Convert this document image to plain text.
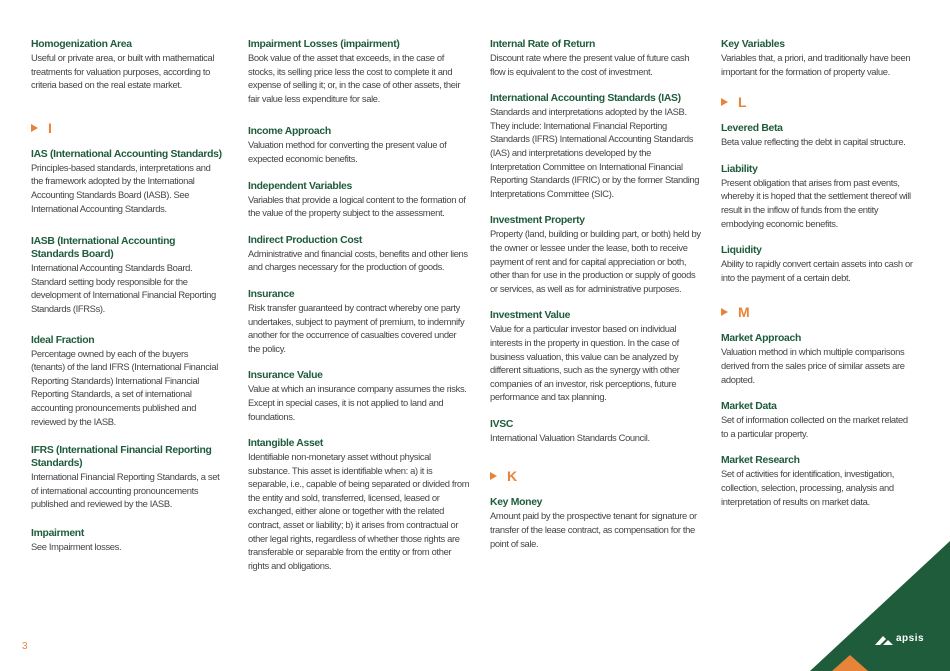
Homogenization Area
Useful or private area, or built with mathematical treatments for valuation purposes, according to criteria based on the real estate market.
I
IAS (International Accounting Standards)
Principles-based standards, interpretations and the framework adopted by the International Accounting Standards Board (IASB). See International Accounting Standards.
IASB (International Accounting Standards Board)
International Accounting Standards Board. Standard setting body responsible for the development of International Financial Reporting Standards (IFRSs).
Ideal Fraction
Percentage owned by each of the buyers (tenants) of the land IFRS (International Financial Reporting Standards) International Financial Reporting Standards, a set of international accounting pronouncements published and reviewed by the IASB.
IFRS (International Financial Reporting Standards)
International Financial Reporting Standards, a set of international accounting pronouncements published and reviewed by the IASB.
Impairment
See Impairment losses.
Impairment Losses (impairment)
Book value of the asset that exceeds, in the case of stocks, its selling price less the cost to complete it and expense of selling it; or, in the case of other assets, their fair value less expenditure for sale.
Income Approach
Valuation method for converting the present value of expected economic benefits.
Independent Variables
Variables that provide a logical content to the formation of the value of the property subject to the assessment.
Indirect Production Cost
Administrative and financial costs, benefits and other liens and charges necessary for the production of goods.
Insurance
Risk transfer guaranteed by contract whereby one party undertakes, subject to payment of premium, to indemnify another for the occurrence of casualties covered under the policy.
Insurance Value
Value at which an insurance company assumes the risks. Except in special cases, it is not applied to land and foundations.
Intangible Asset
Identifiable non-monetary asset without physical substance. This asset is identifiable when: a) it is separable, i.e., capable of being separated or divided from the entity and sold, transferred, licensed, leased or exchanged, either alone or together with the related contract, asset or liability; b) it arises from contractual or other legal rights, regardless of whether those rights are transferable or separable from the entity or from other rights and obligations.
Internal Rate of Return
Discount rate where the present value of future cash flow is equivalent to the cost of investment.
International Accounting Standards (IAS)
Standards and interpretations adopted by the IASB. They include: International Financial Reporting Standards (IFRS) International Accounting Standards (IAS) and interpretations developed by the Interpretation Committee on International Financial Reporting Standards (IFRIC) or by the former Standing Interpretations Committee (SIC).
Investment Property
Property (land, building or building part, or both) held by the owner or lessee under the lease, both to receive payment of rent and for capital appreciation or both, other than for use in the production or supply of goods or services, as well as for administrative purposes.
Investment Value
Value for a particular investor based on individual interests in the property in question. In the case of business valuation, this value can be analyzed by different situations, such as the synergy with other companies of an investor, risk perceptions, future performance and tax planning.
IVSC
International Valuation Standards Council.
K
Key Money
Amount paid by the prospective tenant for signature or transfer of the lease contract, as compensation for the point of sale.
Key Variables
Variables that, a priori, and traditionally have been important for the formation of property value.
L
Levered Beta
Beta value reflecting the debt in capital structure.
Liability
Present obligation that arises from past events, whereby it is hoped that the settlement thereof will result in the inflow of funds from the entity embodying economic benefits.
Liquidity
Ability to rapidly convert certain assets into cash or into the payment of a certain debt.
M
Market Approach
Valuation method in which multiple comparisons derived from the sales price of similar assets are adopted.
Market Data
Set of information collected on the market related to a particular property.
Market Research
Set of activities for identification, investigation, collection, selection, processing, analysis and interpretation of results on market data.
3
apsis
